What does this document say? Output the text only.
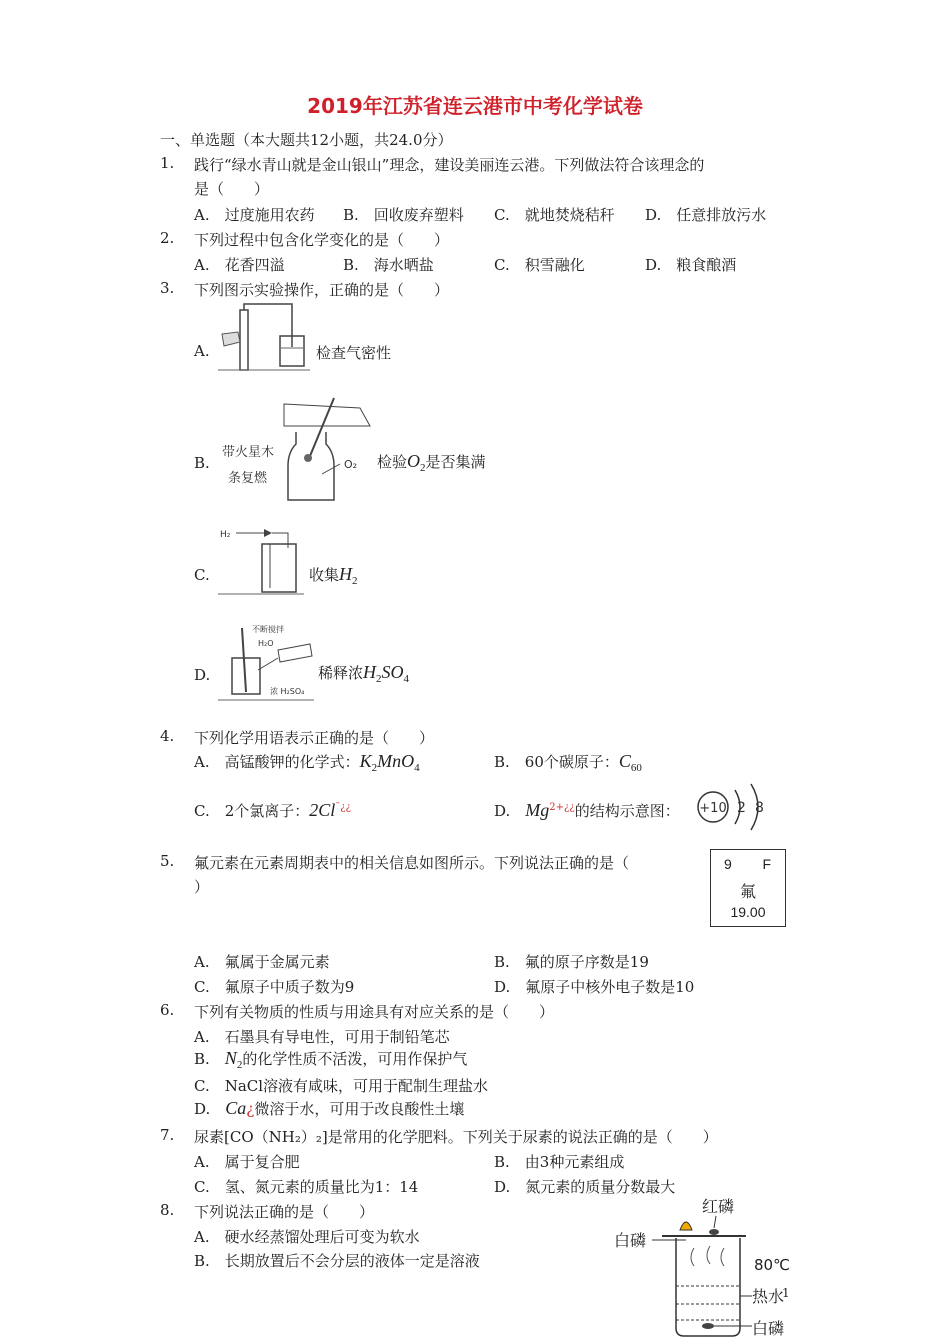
2019年江苏省连云港市中考化学试卷
一、单选题（本大题共12小题，共24.0分）
1. 践行“绿水青山就是金山银山”理念，建设美丽连云港。下列做法符合该理念的
是（　　）
A.　过度施用农药 B.　回收废弃塑料 C.　就地焚烧秸秆 D.　任意排放污水
2. 下列过程中包含化学变化的是（　　）
A.　花香四溢	B.　海水晒盐	C.　积雪融化	D.　粮食酿酒
3. 下列图示实验操作，正确的是（　　）
A.	检查气密性
B.	O₂
带火星木
条复燃
检验$O_2$是否集满
C.
H₂
收集$H_2$
D.
不断搅拌
H₂O
浓 H₂SO₄
稀释浓$H_2SO_4$
4. 下列化学用语表示正确的是（　　）
A.　高锰酸钾的化学式：$K_2MnO_4$	B.　60个碳原子：$C_{60}$
C.　2个氯离子：2Cl¯¿¿	D.　$Mg^{2+¿¿}$的结构示意图： +10 2 8
5. 氟元素在元素周期表中的相关信息如图所示。下列说法正确的是（
）
9 F
氟
19.00
A.　氟属于金属元素	B.　氟的原子序数是19
C.　氟原子中质子数为9	D.　氟原子中核外电子数是10
6. 下列有关物质的性质与用途具有对应关系的是（　　）
A.　石墨具有导电性，可用于制铅笔芯
B.　$N_2$的化学性质不活泼，可用作保护气
C.　NaCl溶液有咸味，可用于配制生理盐水
D.　Ca¿微溶于水，可用于改良酸性土壤
7. 尿素[CO（NH₂）₂]是常用的化学肥料。下列关于尿素的说法正确的是（　　）
A.　属于复合肥	B.　由3种元素组成
C.　氢、氮元素的质量比为1：14	D.　氮元素的质量分数最大
8. 下列说法正确的是（　　）
A.　硬水经蒸馏处理后可变为软水
B.　长期放置后不会分层的液体一定是溶液
红磷
白磷
80℃
热水
白磷
1
